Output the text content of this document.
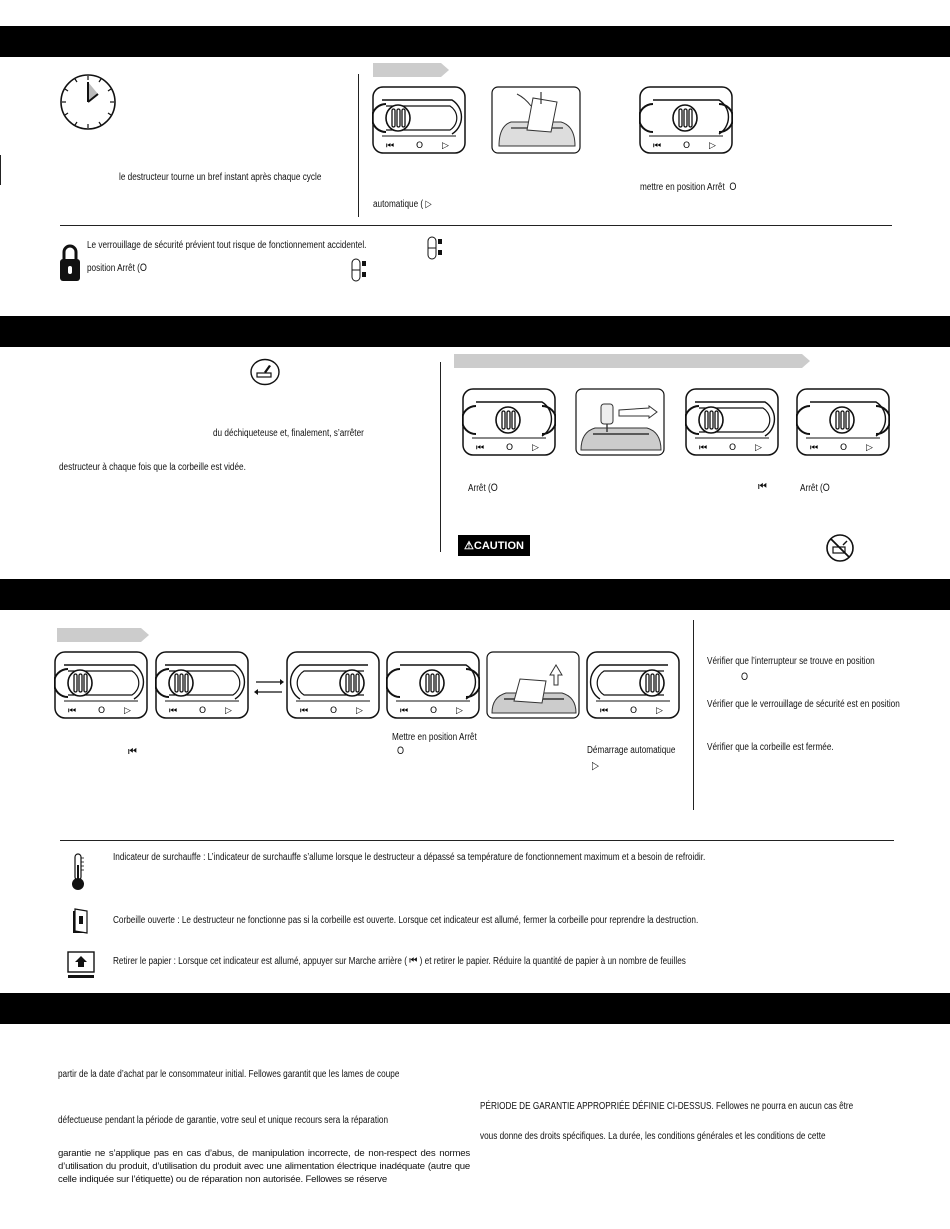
le destructeur tourne un bref instant après chaque cycle
automatique ( ▷
mettre en position Arrêt O
Le verrouillage de sécurité prévient tout risque de fonctionnement accidentel.
position Arrêt (O
du déchiqueteuse et, finalement, s’arrêter
destructeur à chaque fois que la corbeille est vidée.
Arrêt (O	⏮	Arrêt (O
⚠CAUTION
⏮
Mettre en position Arrêt
O	Démarrage automatique
▷
Vérifier que l’interrupteur se trouve en position
O
Vérifier que le verrouillage de sécurité est en position
Vérifier que la corbeille est fermée.
Indicateur de surchauffe : L’indicateur de surchauffe s’allume lorsque le destructeur a dépassé sa température de fonctionnement maximum et a besoin de refroidir.
Corbeille ouverte : Le destructeur ne fonctionne pas si la corbeille est ouverte. Lorsque cet indicateur est allumé, fermer la corbeille pour reprendre la destruction.
Retirer le papier : Lorsque cet indicateur est allumé, appuyer sur Marche arrière ( ⏮ ) et retirer le papier. Réduire la quantité de papier à un nombre de feuilles
partir de la date d’achat par le consommateur initial. Fellowes garantit que les lames de coupe
défectueuse pendant la période de garantie, votre seul et unique recours sera la réparation
garantie ne s’applique pas en cas d’abus, de manipulation incorrecte, de non-respect des normes d’utilisation du produit, d’utilisation du produit avec une alimentation électrique inadéquate (autre que celle indiquée sur l’étiquette) ou de réparation non autorisée. Fellowes se réserve
PÉRIODE DE GARANTIE APPROPRIÉE DÉFINIE CI-DESSUS. Fellowes ne pourra en aucun cas être
vous donne des droits spécifiques. La durée, les conditions générales et les conditions de cette
